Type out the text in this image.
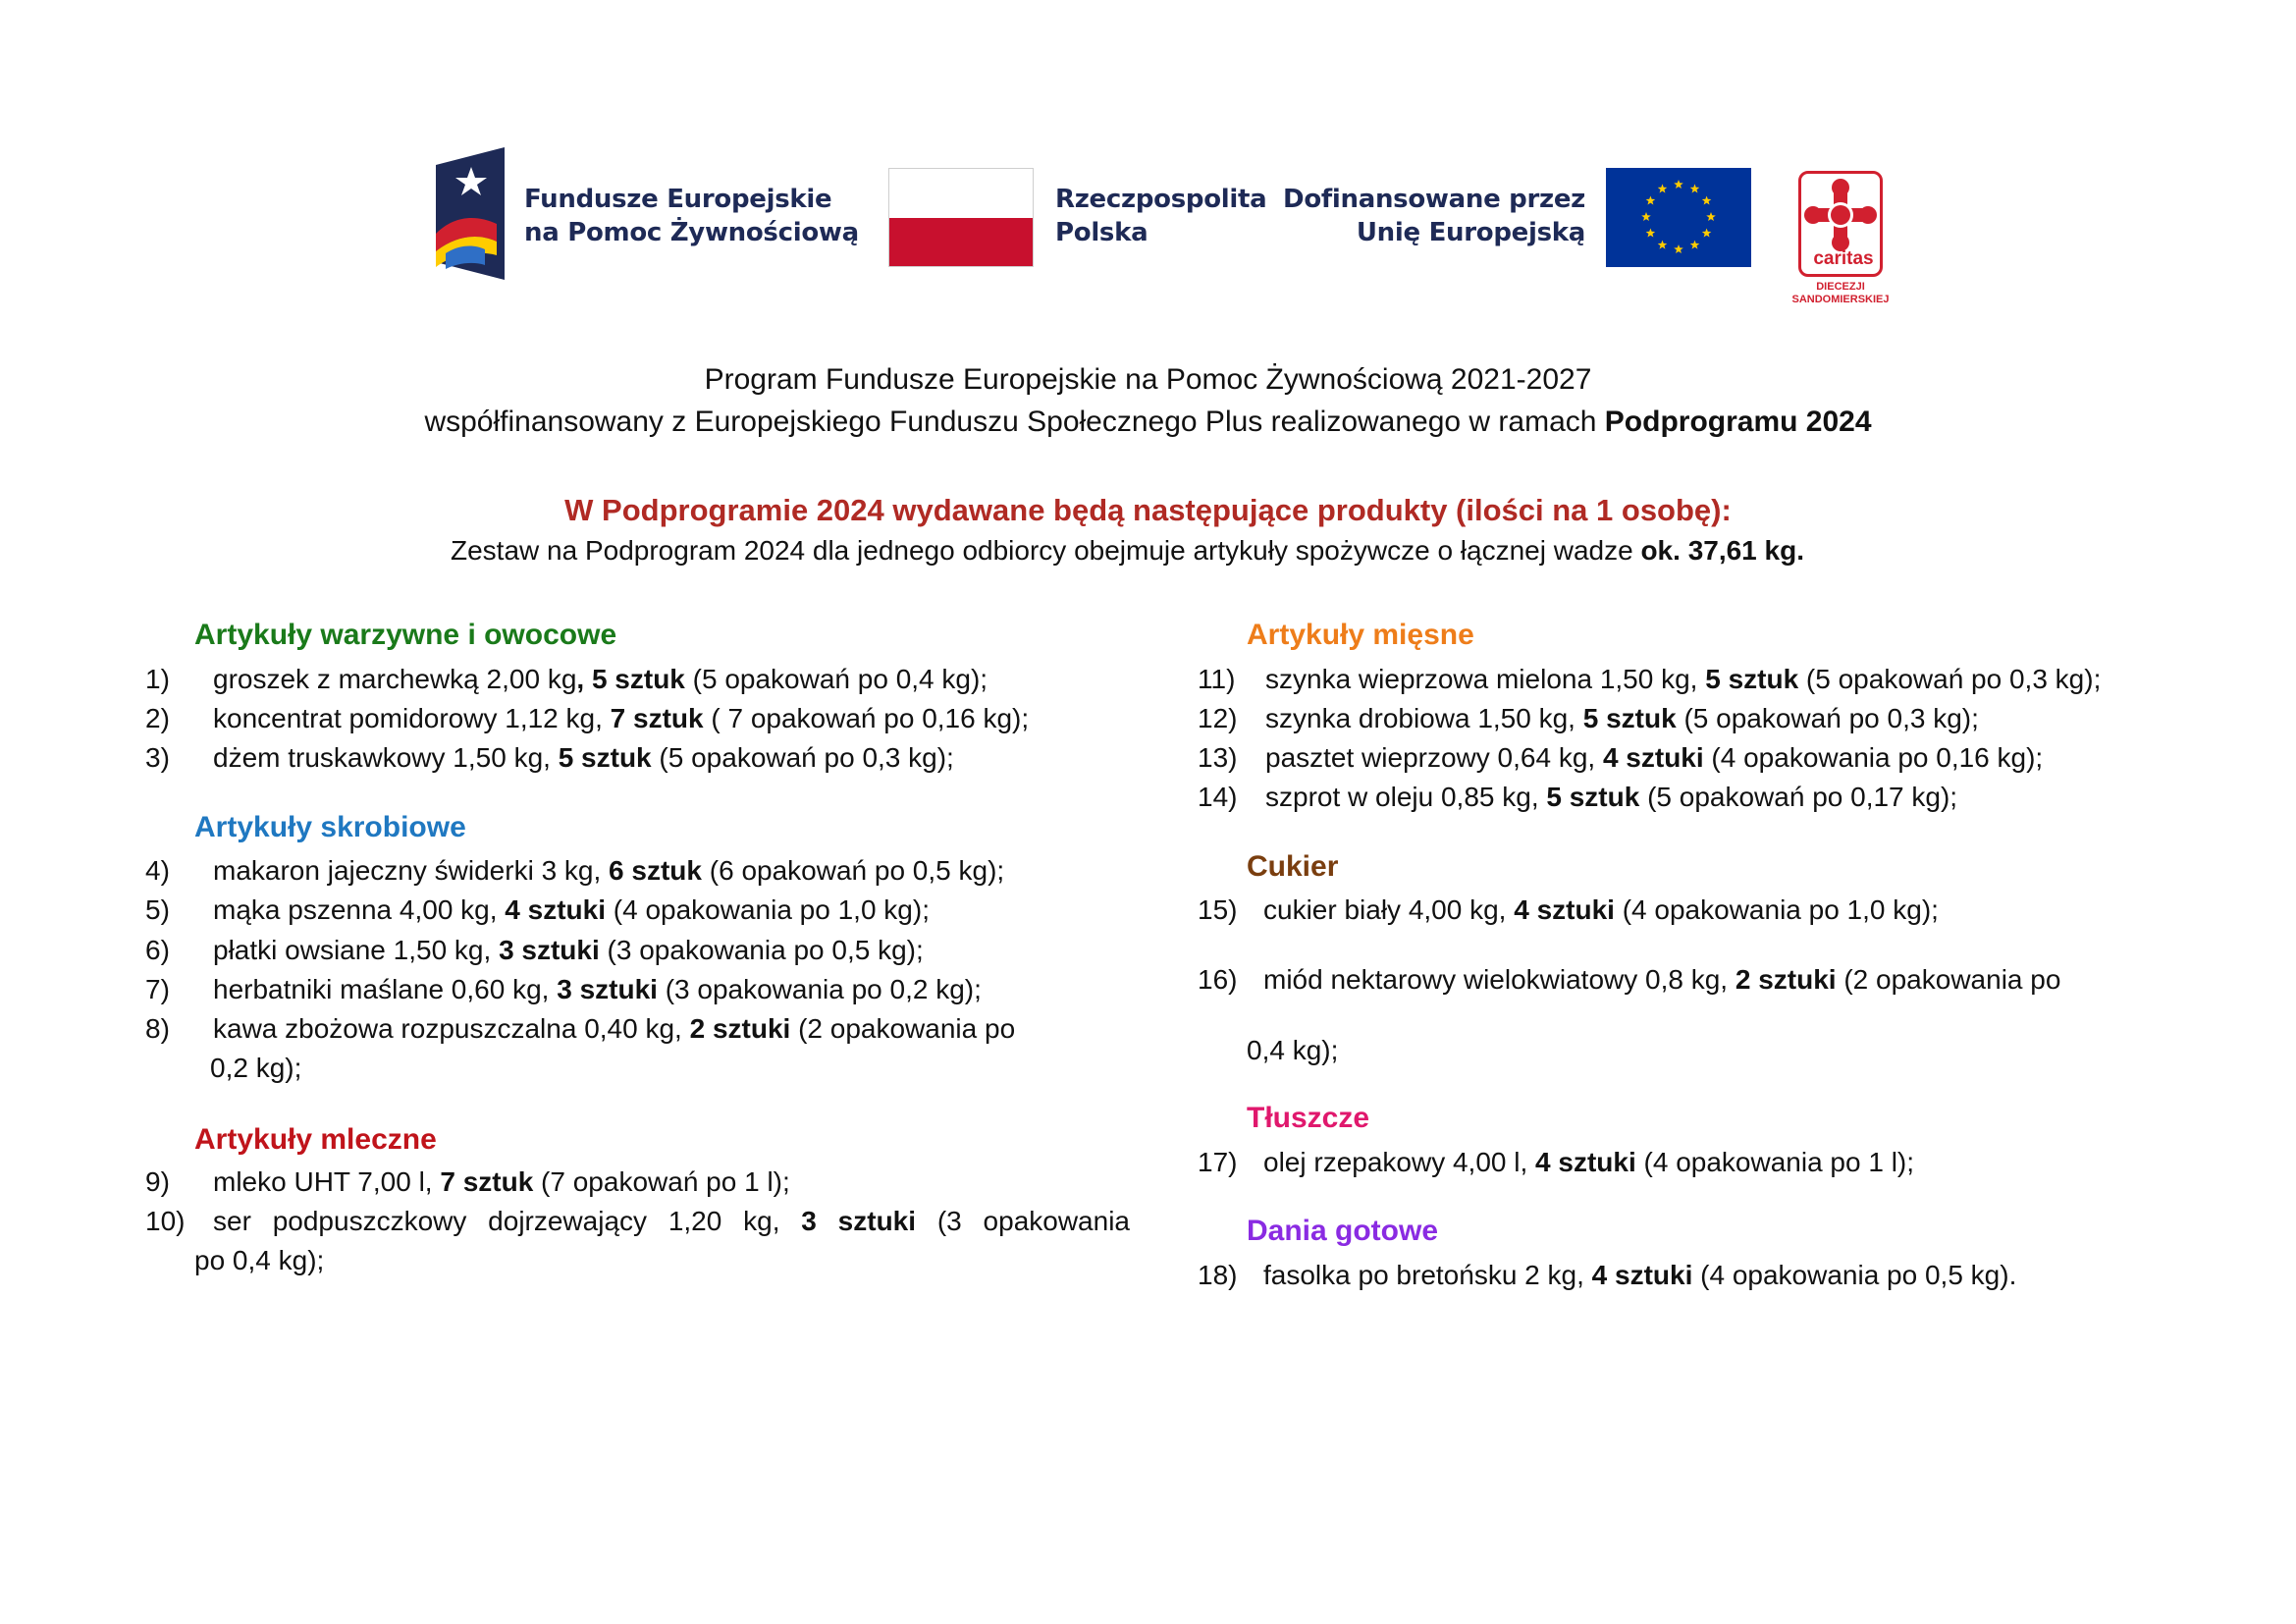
Fundusze Europejskie
na Pomoc Żywnościową
Rzeczpospolita
Polska
Dofinansowane przez
Unię Europejską
caritas
DIECEZJI
SANDOMIERSKIEJ
Program Fundusze Europejskie na Pomoc Żywnościową 2021-2027
współfinansowany z Europejskiego Funduszu Społecznego Plus realizowanego w ramach Podprogramu 2024
W Podprogramie 2024 wydawane będą następujące produkty (ilości na 1 osobę):
Zestaw na Podprogram 2024 dla jednego odbiorcy obejmuje artykuły spożywcze o łącznej wadze ok. 37,61 kg.
Artykuły warzywne i owocowe
Artykuły skrobiowe
Artykuły mleczne
Artykuły mięsne
Cukier
Tłuszcze
Dania gotowe
1) groszek z marchewką 2,00 kg, 5 sztuk (5 opakowań po 0,4 kg);
2) koncentrat pomidorowy 1,12 kg, 7 sztuk ( 7 opakowań po 0,16 kg);
3) dżem truskawkowy 1,50 kg, 5 sztuk (5 opakowań po 0,3 kg);
4) makaron jajeczny świderki 3 kg, 6 sztuk (6 opakowań po 0,5 kg);
5) mąka pszenna 4,00 kg, 4 sztuki (4 opakowania po 1,0 kg);
6) płatki owsiane 1,50 kg, 3 sztuki (3 opakowania po 0,5 kg);
7) herbatniki maślane 0,60 kg, 3 sztuki (3 opakowania po 0,2 kg);
8) kawa zbożowa rozpuszczalna 0,40 kg, 2 sztuki (2 opakowania po
0,2 kg);
9) mleko UHT 7,00 l, 7 sztuk (7 opakowań po 1 l);
10) ser podpuszczkowy dojrzewający 1,20 kg, 3 sztuki (3 opakowania
po 0,4 kg);
11) szynka wieprzowa mielona 1,50 kg, 5 sztuk (5 opakowań po 0,3 kg);
12) szynka drobiowa 1,50 kg, 5 sztuk (5 opakowań po 0,3 kg);
13) pasztet wieprzowy 0,64 kg, 4 sztuki (4 opakowania po 0,16 kg);
14) szprot w oleju 0,85 kg, 5 sztuk (5 opakowań po 0,17 kg);
15) cukier biały 4,00 kg, 4 sztuki (4 opakowania po 1,0 kg);
16) miód nektarowy wielokwiatowy 0,8 kg, 2 sztuki (2 opakowania po
0,4 kg);
17) olej rzepakowy 4,00 l, 4 sztuki (4 opakowania po 1 l);
18) fasolka po bretońsku 2 kg, 4 sztuki (4 opakowania po 0,5 kg).
